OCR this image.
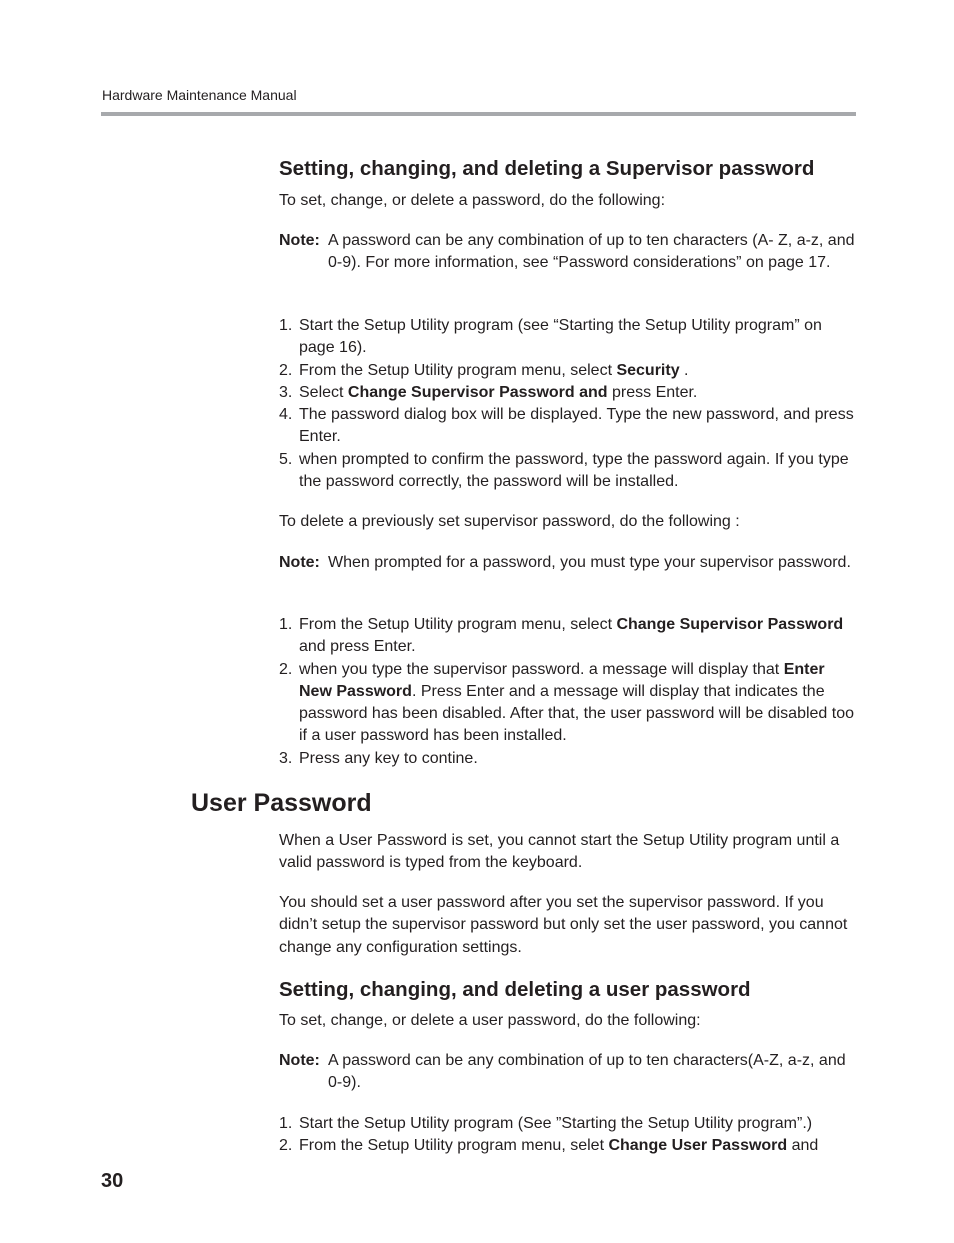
Hardware Maintenance Manual
Setting, changing, and deleting a Supervisor password
To set, change, or delete a password, do the following:
Note: A password can be any combination of up to ten characters (A- Z, a-z, and 0-9). For more information, see “Password considerations” on page 17.
1. Start the Setup Utility program (see “Starting the Setup Utility program” on page 16).
2. From the Setup Utility program menu, select Security .
3. Select Change Supervisor Password and press Enter.
4. The password dialog box will be displayed. Type the new password, and press Enter.
5. when prompted to confirm the password, type the password again. If you type the password correctly, the password will be installed.
To delete a previously set supervisor password, do the following :
Note: When prompted for a password, you must type your supervisor password.
1. From the Setup Utility program menu, select Change Supervisor Password and press Enter.
2. when you type the supervisor password. a message will display that Enter New Password. Press Enter and a message will display that indicates the password has been disabled. After that, the user password will be disabled too if a user password has been installed.
3. Press any key to contine.
User Password
When a User Password is set, you cannot start the Setup Utility program until a valid password is typed from the keyboard.
You should set a user password after you set the supervisor password. If you didn’t setup the supervisor password but only set the user password, you cannot change any configuration settings.
Setting, changing, and deleting a user password
To set, change, or delete a user password, do the following:
Note: A password can be any combination of up to ten characters(A-Z, a-z, and 0-9).
1. Start the Setup Utility program (See ”Starting the Setup Utility program”.)
2. From the Setup Utility program menu, selet Change User Password and
30
